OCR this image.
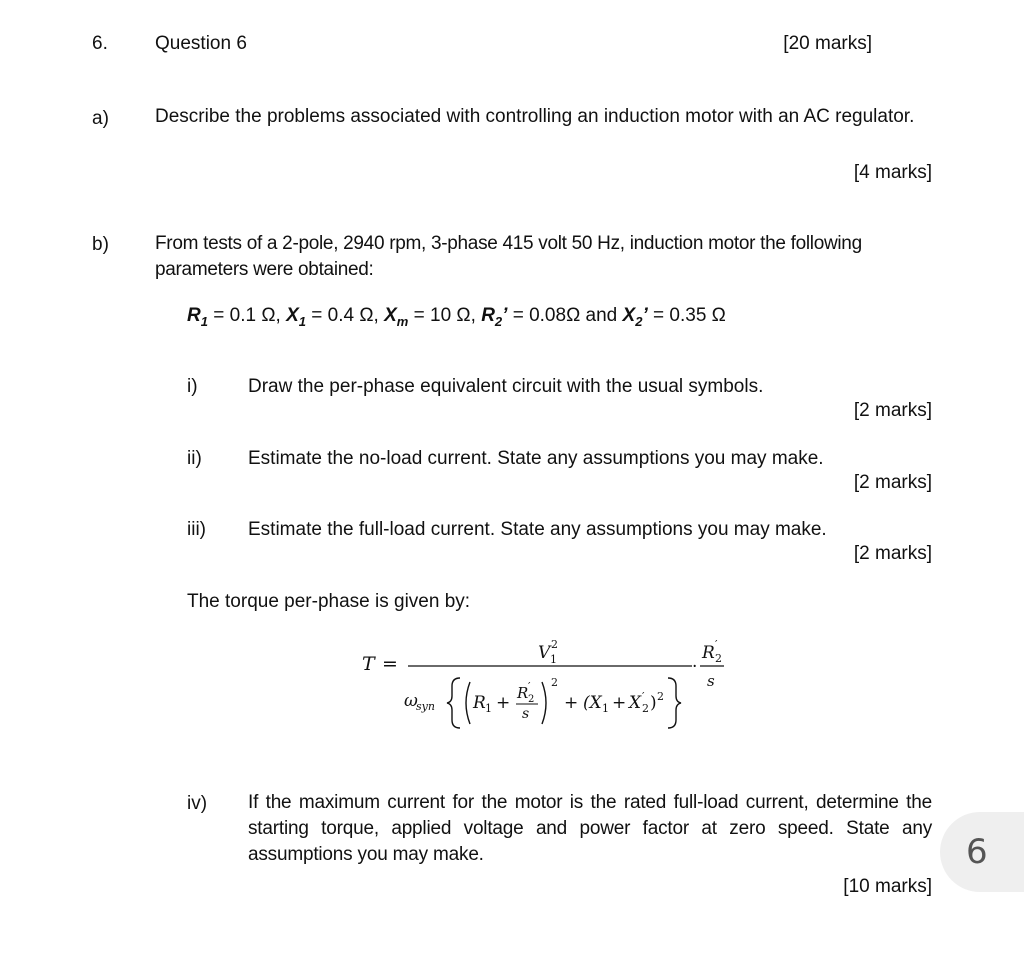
6. Question 6	[20 marks]
a) Describe the problems associated with controlling an induction motor with an AC regulator.
[4 marks]
b) From tests of a 2-pole, 2940 rpm, 3-phase 415 volt 50 Hz, induction motor the following parameters were obtained:
$R_1 = 0.1$ Ω, $X_1 = 0.4$ Ω, $X_m = 10$ Ω, $R_2$’ = 0.08Ω and $X_2$’ = 0.35 Ω
i)	Draw the per-phase equivalent circuit with the usual symbols.
[2 marks]
ii) Estimate the no-load current. State any assumptions you may make.
[2 marks]
iii) Estimate the full-load current. State any assumptions you may make.
[2 marks]
The torque per-phase is given by:
T =	V 2
1
ω
syn R 1 + R ′
2
s
2
+ (X 1 + X ′
2 ) 2
·
R ′
2
s
iv) If the maximum current for the motor is the rated full-load current, determine the starting torque, applied voltage and power factor at zero speed. State any assumptions you may make.
[10 marks]
6
